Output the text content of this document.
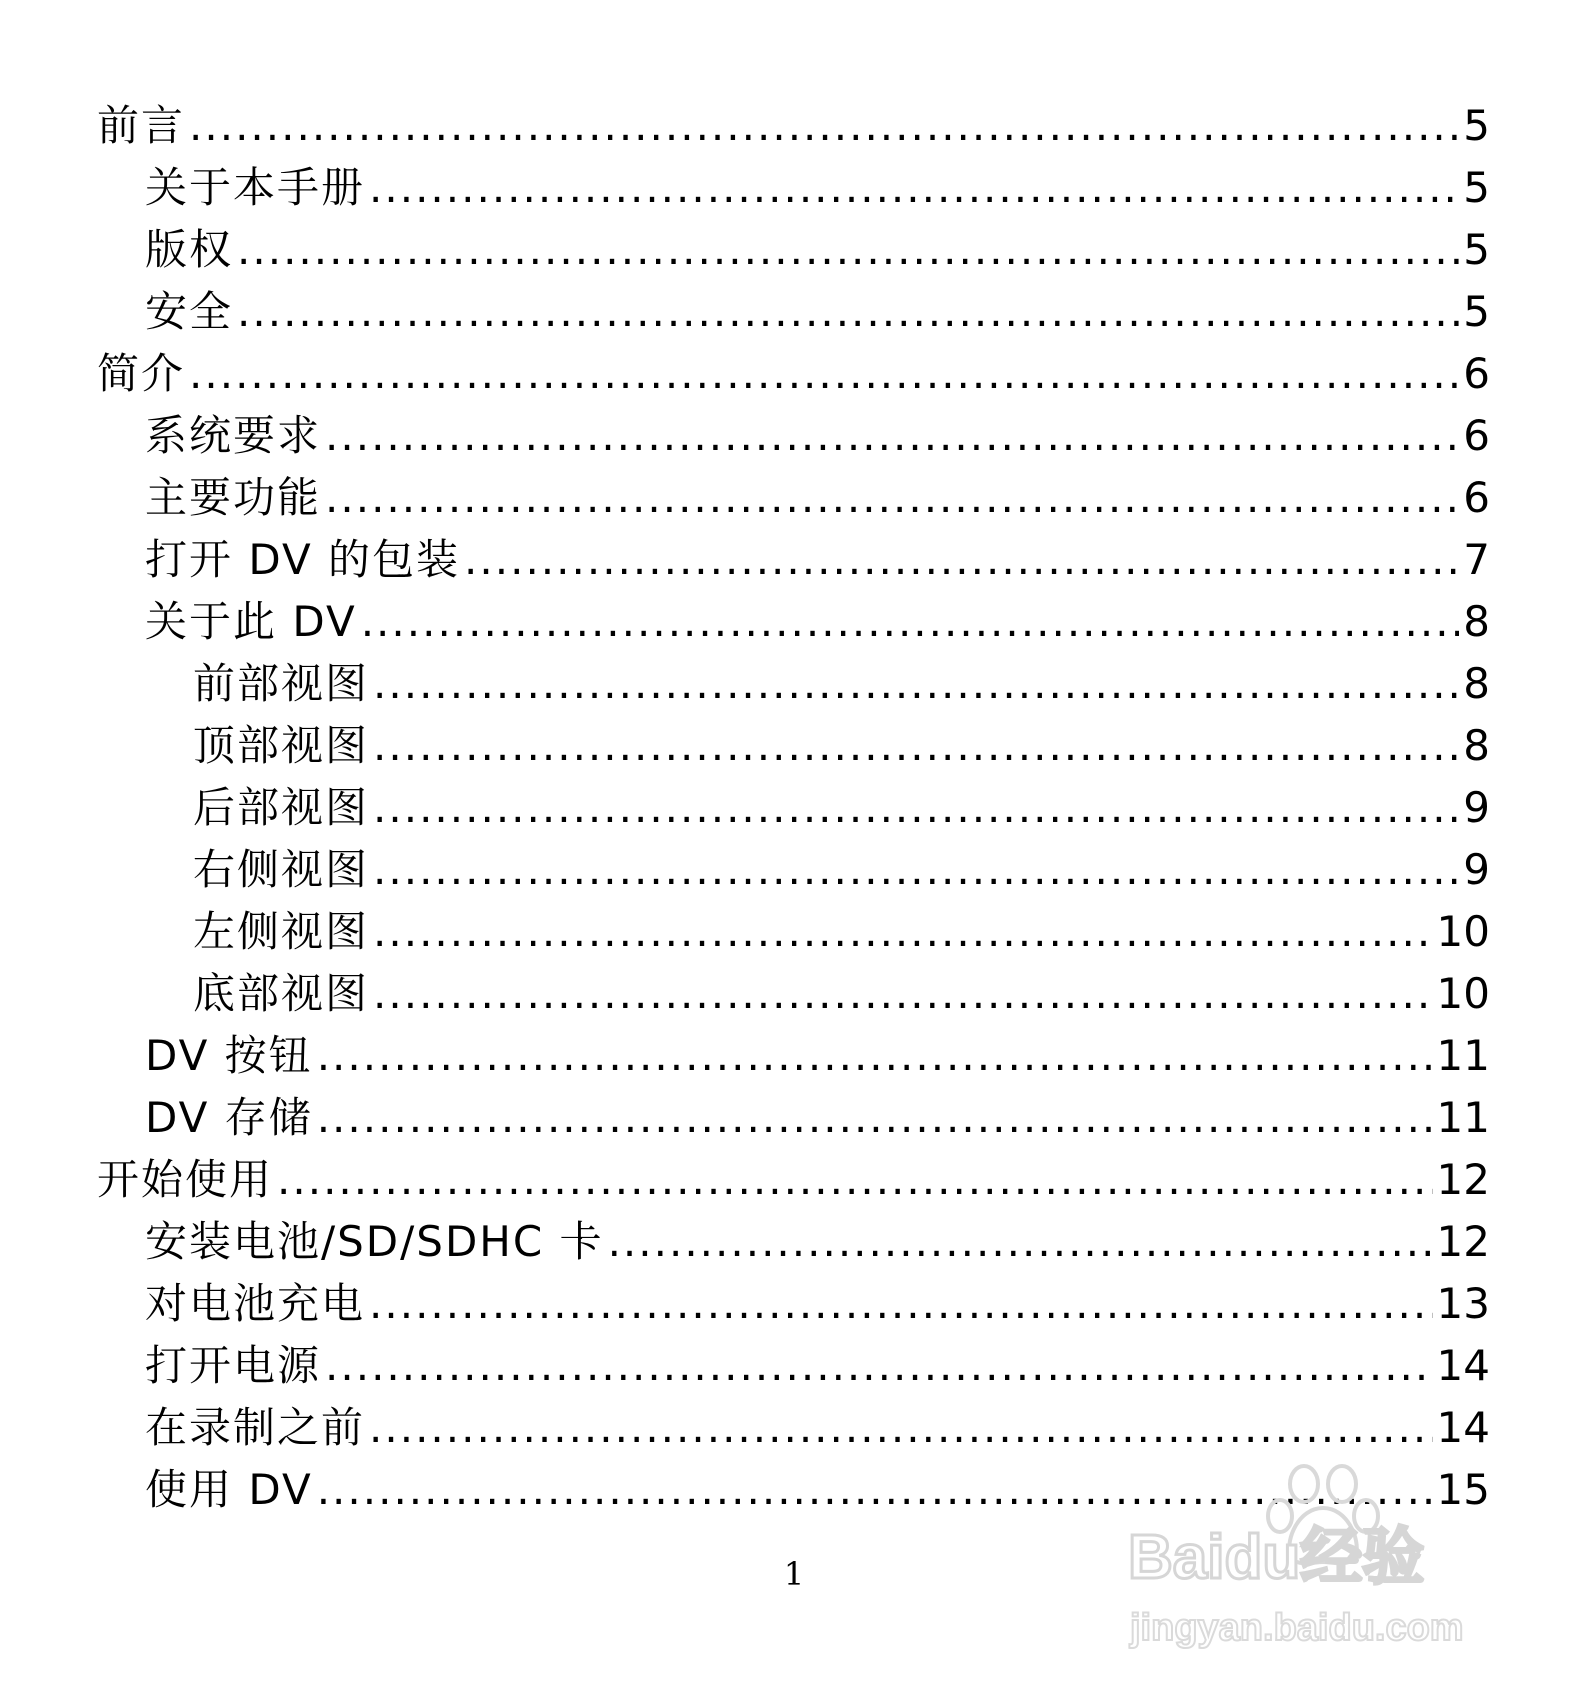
前言 .....	5
关于本手册 .....	5
版权 .....	5
安全 .....	5
简介 .....	6
系统要求 .....	6
主要功能 .....	6
打开 DV 的包装 .....	7
关于此 DV .....	8
前部视图 .....	8
顶部视图 .....	8
后部视图 .....	9
右侧视图 .....	9
左侧视图 .....	10
底部视图 .....	10
DV 按钮 .....	11
DV 存储 .....	11
开始使用 .....	12
安装电池/SD/SDHC 卡 .....	12
对电池充电 .....	13
打开电源 .....	14
在录制之前 .....	14
使用 DV .....	15
1	Baidu经验
jingyan.baidu.com
